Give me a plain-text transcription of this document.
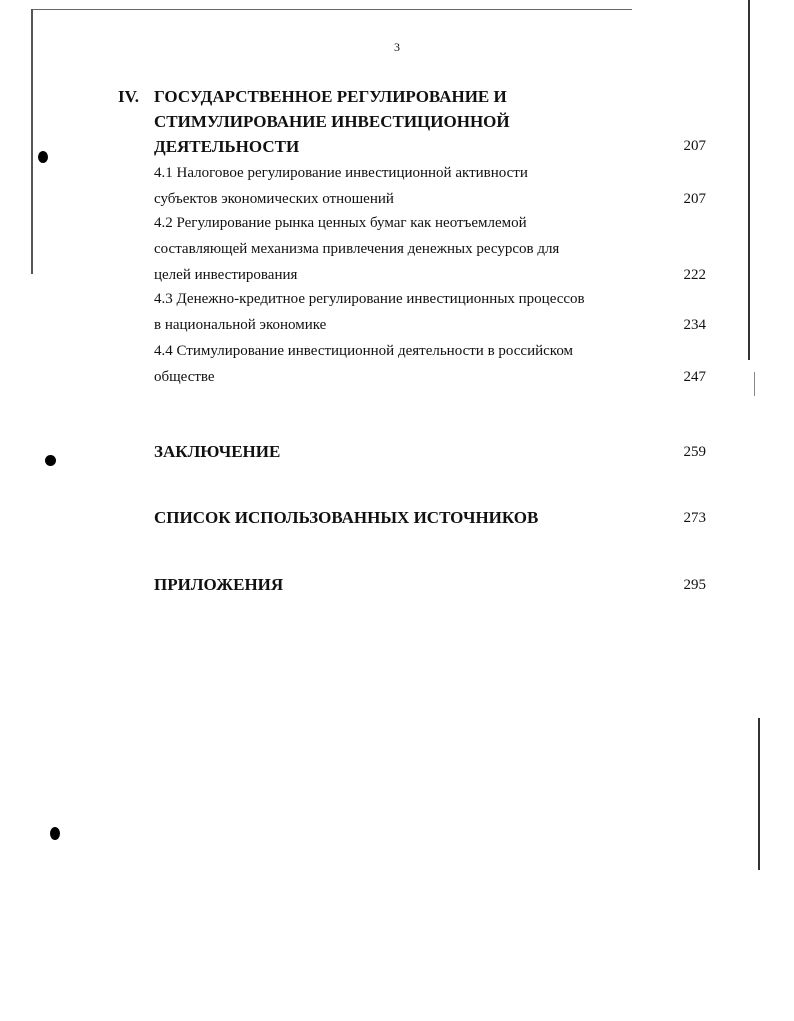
3
IV. ГОСУДАРСТВЕННОЕ РЕГУЛИРОВАНИЕ И
СТИМУЛИРОВАНИЕ ИНВЕСТИЦИОННОЙ
ДЕЯТЕЛЬНОСТИ	207
4.1 Налоговое регулирование инвестиционной активности
субъектов экономических отношений	207
4.2 Регулирование рынка ценных бумаг как неотъемлемой
составляющей механизма привлечения денежных ресурсов для
целей инвестирования	222
4.3 Денежно-кредитное регулирование инвестиционных процессов
в национальной экономике	234
4.4 Стимулирование инвестиционной деятельности в российском
обществе	247
ЗАКЛЮЧЕНИЕ	259
СПИСОК ИСПОЛЬЗОВАННЫХ ИСТОЧНИКОВ	273
ПРИЛОЖЕНИЯ	295
